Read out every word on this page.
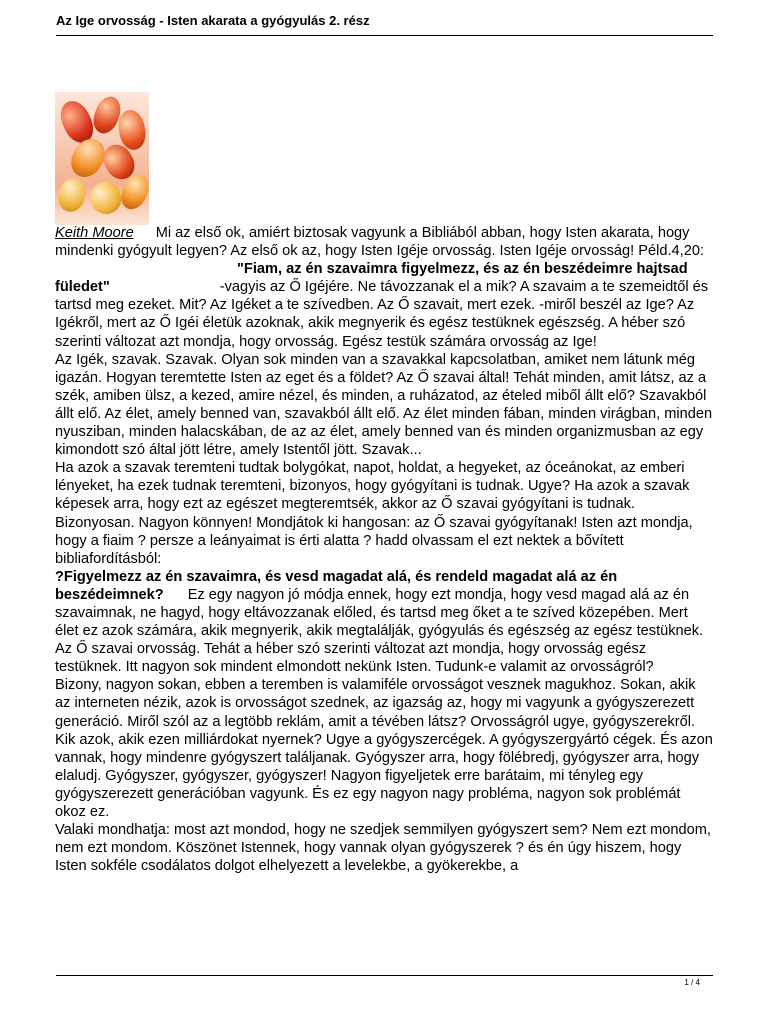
Az Ige orvosság - Isten akarata a gyógyulás 2. rész

Keith Moore Mi az első ok, amiért biztosak vagyunk a Bibliából abban, hogy Isten akarata, hogy mindenki gyógyult legyen? Az első ok az, hogy Isten Igéje orvosság. Isten Igéje orvosság! Péld.4,20:"Fiam, az én szavaimra figyelmezz, és az én beszédeimre hajtsad füledet"	-vagyis az Ő Igéjére. Ne távozzanak el a mik? A szavaim a te szemeidtől és tartsd meg ezeket. Mit? Az Igéket a te szívedben. Az Ő szavait, mert ezek. -miről beszél az Ige? Az Igékről, mert az Ő Igéi életük azoknak, akik megnyerik és egész testüknek egészség. A héber szó szerinti változat azt mondja, hogy orvosság. Egész testük számára orvosság az Ige!

Az Igék, szavak. Szavak. Olyan sok minden van a szavakkal kapcsolatban, amiket nem látunk még igazán. Hogyan teremtette Isten az eget és a földet? Az Ő szavai által! Tehát minden, amit látsz, az a szék, amiben ülsz, a kezed, amire nézel, és minden, a ruházatod, az ételed miből állt elő? Szavakból állt elő. Az élet, amely benned van, szavakból állt elő. Az élet minden fában, minden virágban, minden nyusziban, minden halacskában, de az az élet, amely benned van és minden organizmusban az egy kimondott szó által jött létre, amely Istentől jött. Szavak...

Ha azok a szavak teremteni tudtak bolygókat, napot, holdat, a hegyeket, az óceánokat, az emberi lényeket, ha ezek tudnak teremteni, bizonyos, hogy gyógyítani is tudnak. Ugye? Ha azok a szavak képesek arra, hogy ezt az egészet megteremtsék, akkor az Ő szavai gyógyítani is tudnak. Bizonyosan. Nagyon könnyen! Mondjátok ki hangosan: az Ő szavai gyógyítanak! Isten azt mondja, hogy a fiaim ? persze a leányaimat is érti alatta ? hadd olvassam el ezt nektek a bővített bibliafordításból:

?Figyelmezz az én szavaimra, és vesd magadat alá, és rendeld magadat alá az én beszédeimnek? Ez egy nagyon jó módja ennek, hogy ezt mondja, hogy vesd magad alá az én szavaimnak, ne hagyd, hogy eltávozzanak előled, és tartsd meg őket a te szíved közepében. Mert élet ez azok számára, akik megnyerik, akik megtalálják, gyógyulás és egészség az egész testüknek. Az Ő szavai orvosság. Tehát a héber szó szerinti változat azt mondja, hogy orvosság egész testüknek. Itt nagyon sok mindent elmondott nekünk Isten. Tudunk-e valamit az orvosságról?

Bizony, nagyon sokan, ebben a teremben is valamiféle orvosságot vesznek magukhoz. Sokan, akik az interneten nézik, azok is orvosságot szednek, az igazság az, hogy mi vagyunk a gyógyszerezett generáció. Miről szól az a legtöbb reklám, amit a tévében látsz? Orvosságról ugye, gyógyszerekről. Kik azok, akik ezen milliárdokat nyernek? Ugye a gyógyszercégek. A gyógyszergyártó cégek. És azon vannak, hogy mindenre gyógyszert találjanak. Gyógyszer arra, hogy fölébredj, gyógyszer arra, hogy elaludj. Gyógyszer, gyógyszer, gyógyszer! Nagyon figyeljetek erre barátaim, mi tényleg egy gyógyszerezett generációban vagyunk. És ez egy nagyon nagy probléma, nagyon sok problémát okoz ez.

Valaki mondhatja: most azt mondod, hogy ne szedjek semmilyen gyógyszert sem? Nem ezt mondom, nem ezt mondom. Köszönet Istennek, hogy vannak olyan gyógyszerek ? és én úgy hiszem, hogy Isten sokféle csodálatos dolgot elhelyezett a levelekbe, a gyökerekbe, a

1 / 4
